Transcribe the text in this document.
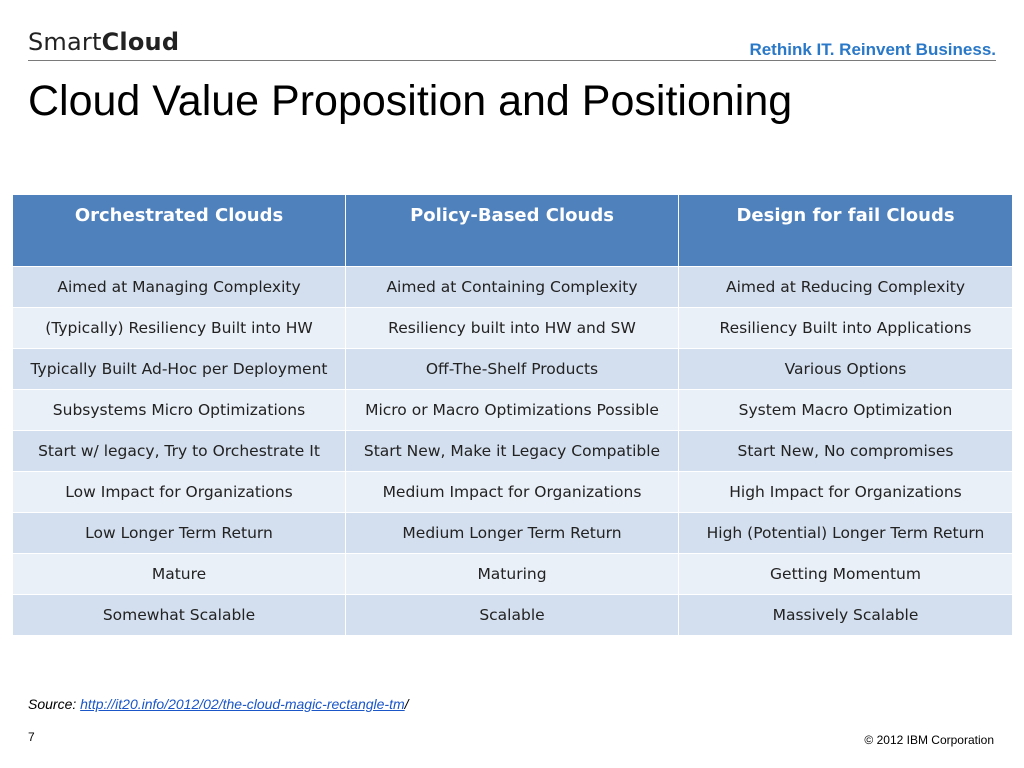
SmartCloud	Rethink IT. Reinvent Business.
Cloud Value Proposition and Positioning
Orchestrated Clouds	Policy-Based Clouds	Design for fail Clouds
Aimed at Managing Complexity	Aimed at Containing Complexity	Aimed at Reducing Complexity
(Typically) Resiliency Built into HW	Resiliency built into HW and SW	Resiliency Built into Applications
Typically Built Ad-Hoc per Deployment	Off-The-Shelf Products	Various Options
Subsystems Micro Optimizations	Micro or Macro Optimizations Possible	System Macro Optimization
Start w/ legacy, Try to Orchestrate It	Start New, Make it Legacy Compatible	Start New, No compromises
Low Impact for Organizations	Medium Impact for Organizations	High Impact for Organizations
Low Longer Term Return	Medium Longer Term Return	High (Potential) Longer Term Return
Mature	Maturing	Getting Momentum
Somewhat Scalable	Scalable	Massively Scalable
Source: http://it20.info/2012/02/the-cloud-magic-rectangle-tm/
7	© 2012 IBM Corporation
